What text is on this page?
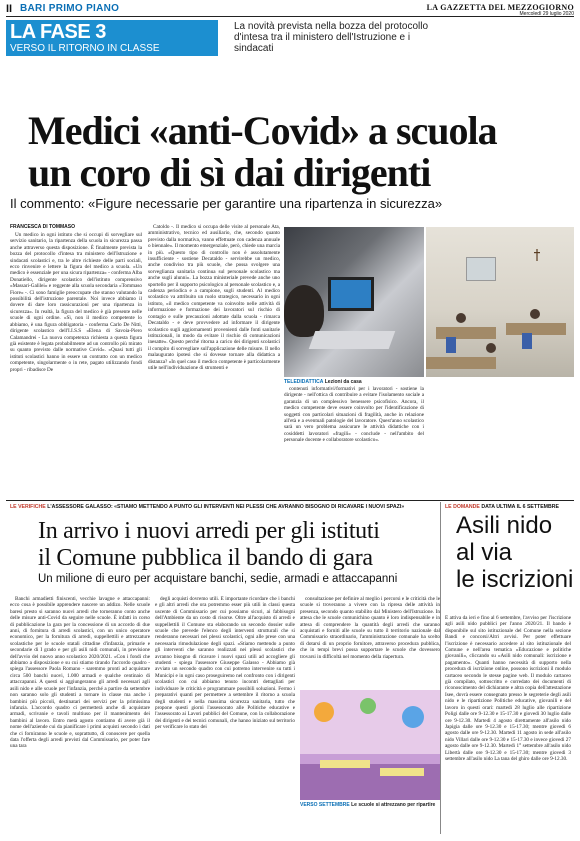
II BARI PRIMO PIANO	LA GAZZETTA DEL MEZZOGIORNO
Mercoledì 29 luglio 2020
LA FASE 3
VERSO IL RITORNO IN CLASSE
La novità prevista nella bozza del protocollo d'intesa tra il ministero dell'Istruzione e i sindacati
Medici «anti-Covid» a scuola
un coro di sì dai dirigenti
Il commento: «Figure necessarie per garantire una ripartenza in sicurezza»
FRANCESCA DI TOMMASO

Un medico in ogni istituto che si occupi di sorvegliare sul servizio sanitario, la ripartenza della scuola in sicurezza passa anche attraverso questa disposizione. È finalmente prevista la bozza del protocollo d'intesa tra ministero dell'Istruzione e sindacati scolastici e, tra le altre richieste delle parti sociali, ecco rinvenire e lettere la figura del medico a scuola. «Un medico è essenziale per una sicura ripartenza» - conferma Alba Donatiello, dirigente scolastico dell'istituto comprensivo «Massari-Galilei» e reggente alla scuola secondaria «Tommaso Fiore» -. Ci sono famiglie preoccupate che stanno valutando la possibilità dell'istruzione parentale. Noi invece abbiamo il dovere di dare loro rassicurazioni per una ripartenza in sicurezza». In realtà, la figura del medico è già presente nelle scuole di ogni ordine. «Sì, non il medico competente lo abbiamo, è una figura obbligatoria - conferma Carlo De Nitti, dirigente scolastico dell'I.I.S.S «Elena di Savoia-Piero Calamandrei - La nuova competenza richiesta a questa figura già esistente è legata probabilmente ad un controllo più mirato su quanto previsto dalle normative Covid». «Quasi tutti gli istituti scolastici hanno in essere un contratto con un medico competente, singolarmente o in rete, pagato utilizzando fondi propri - ribadisce De

Catoldo -. Il medico si occupa delle visite al personale Ata, amministrativo, tecnico ed ausiliario, che, secondo quanto previsto dalla normativa, vanno effettuate con cadenza annuale o biennale». Il momento emergenziale, però, chiede una marcia in più. «Questo tipo di controllo non è assolutamente insufficiente - sostiene Decataldo - servirebbe un medico, anche condiviso tra più scuole, che possa svolgere una sorveglianza sanitaria continua sul personale scolastico ma anche sugli alunni». La bozza ministeriale prevede anche uno sportello per il supporto psicologico al personale scolastico e, a cadenza periodica e a campione, sugli studenti. Al medico scolastico va attribuito un ruolo strategico, necessario in ogni istituto, «il medico competente va coinvolto nelle attività di informazione e formazione dei lavoratori sul rischio di contagio e sulle precauzioni adottate dalla scuola - rimarca Decataldo - e deve provvedere ad informare il dirigente scolastico sugli aggiornamenti provenienti dalle fonti sanitarie istituzionali, in modo da evitare il rischio di comunicazioni inesatte». Questo perché ritorna a carico dei dirigenti scolastici il compito di sorvegliare sull'applicazione delle misure. Il nello malaugurato ipotesi che si dovesse tornare alla didattica a distanza? «In quel caso il medico competente è particolarmente utile nell'individuazione di strumenti e

TELEDIDATTICA Lezioni da casa

contenuti informativi/formativi per i lavoratori - sostiene la dirigente - nell'ottica di contribuire a evitare l'isolamento sociale a garanzia di un complessivo benessere psicofisico. Ancora, il medico competente deve essere coinvolto per l'identificazione di soggetti con particolari situazioni di fragilità, anche in relazione all'età e a eventuali patologie del lavoratore. Quest'anno scolastico sarà un vero problema assicurare le attività didattiche con i cosiddetti lavoratori «fragili» - conclude - nell'ambito del personale docente e collaboratore scolastico».

LE VERIFICHE L'ASSESSORE GALASSO: «STIAMO METTENDO A PUNTO GLI INTERVENTI NEI PLESSI CHE AVRANNO BISOGNO DI RICAVARE I NUOVI SPAZI»
In arrivo i nuovi arredi per gli istituti
il Comune pubblica il bando di gara
Un milione di euro per acquistare banchi, sedie, armadi e attaccapanni

Banchi armadietti finiscenti, vecchie lavagne e attaccapanni: ecco cosa è possibile apprendere nascere un addizo. Nelle scuole baresi presto si saranno nuovi arredi che torneranno conto anche delle misure anti-Covid da seguire nelle scuole. È infatti in corso di pubblicazione la gara per la concessione di un accordo di due anni, di fornitura di arredi scolastici, con un unico operatore economico, per la fornitura di arredi, suppellettili e attrezzature scolastiche per le scuole statali cittadine d'infanzia, primarie e secondarie di I grado e per gli asili nidi comunali, in previsione dell'avvio del nuovo anno scolastico 2020/2021. «Con i fondi che abbiamo a disposizione e su cui stiamo tirando l'accordo quadro - spiega l'assessore Paola Romano - saremmo pronti ad acquistare circa 500 banchi nuovi, 1.000 armadi e qualche centinaio di attaccapanni. A questi si aggiungeranno gli arredi necessari agli asili nido e alle scuole per l'infanzia, perché a partire da settembre non saranno solo gli studenti a tornare in classe ma anche i bambini più piccoli, destinatari dei servizi per la primissima infanzia. L'accordo quadro ci permetterà anche di acquistare armadi, scrivanie e tavoli multiuso per il mantenimento dei bambini al lavoro. Entro metà agosto contiamo di avere già il nome dell'aziende cui da pianificare i primi acquisti secondo i dati che ci forniranno le scuole e, soprattutto, di conoscere per quella data l'offerta degli arredi previsti dal Commissario, per poter fare una tara

degli acquisti dovremo utili. È importante ricordare che i banchi e gli altri arredi che ora potremmo esser più utili in classi questa uscente di Commissario per cui possiamo sicuri, ai fabbisogni dell'Ambiente da un costo di risorse. Oltre all'acquisto di arredi e suppellettili il Comune sta elaborando un secondo dossier sulle scuole che prevede l'elenco degli interventi strutturali che si renderanno necessari nei plessi scolastici, ogni alle prese con una necessaria rimodulazione degli spazi. «Stiamo mettendo a punto gli interventi che saranno realizzati nei plessi scolastici che avranno bisogno di ricavare i nuovi spazi utili ad accogliere gli studenti - spiega l'assessore Giuseppe Galasso - Abbiamo già avviato un secondo quadro con cui potremo intervenire su tutti i Municipi e in ogni caso proseguiremo nel confronto con i dirigenti scolastici con cui abbiamo tenuto incontri dettagliati per individuare le criticità e programmare possibili soluzioni. Fermo i preparativi quanti per permettere a settembre il ritorno a scuola degli studenti e nella massima sicurezza sanitaria, tutto che propone questi giorni l'assessorato alle Politiche educative e l'assessorato ai Lavori pubblici del Comune, con la collaborazione dei dirigenti e dei tecnici comunali, che hanno iniziato sul territorio per verificare lo stato dei

consultazione per definire al meglio i percorsi e le criticità che le scuole si troveranno a vivere con la ripresa delle attività in presenza, secondo quanto stabilito dal Ministero dell'Istruzione. In attesa che le scuole comunichino quanto è loro indispensabile e in attesa di comprendere la quantità degli arredi che saranno acquistati e forniti alle scuole su tutto il territorio nazionale dal Commissario straordinario, l'amministrazione comunale ha scelto di dotarsi di un proprio fornitore, attraverso procedura pubblica, che in tempi brevi possa supportare le scuole che dovessero trovarsi in difficoltà nel momento della riapertura.

VERSO SETTEMBRE Le scuole si attrezzano per ripartire
LE DOMANDE DATA ULTIMA IL 6 SETTEMBRE
Asili nido
al via
le iscrizioni

È attiva da ieri e fino al 6 settembre, l'avviso per l'iscrizione agli asili nido pubblici per l'anno 2020/21. Il bando è disponibile sul sito istituzionale del Comune nella sezione Bandi e concorsi/Altri avvisi. Per poter effettuare l'iscrizione è necessario accedere al sito istituzionale del Comune e nell'area tematica «Educazione e politiche giovanili», cliccando su «Asili nido comunali: iscrizione e pagamento». Quanti hanno necessità di supporto nella procedura di iscrizione online, possono iscrizioni il modulo cartaceo secondo le stesse pagine web. Il modulo cartaceo già compilato, sottoscritto e corredato dei documenti di riconoscimento del dichiarante e altra copia dell'attestazione Isee, dovrà essere consegnato presso le segreterie degli asili nido e le ripartizione Politiche educative, giovanili e del lavoro in questi orari: martedì 28 luglio alle ripartizione Poligi dalle ore 9-12.30 e 15-17.30 e giovedì 30 luglio dalle ore 9-12.30. Martedì 4 agosto direttamente all'asilo nido Japigia dalle ore 9-12.30 e 15-17.30; mentre giovedì 6 agosto dalle ore 9-12.30. Martedì 11 agosto in sede all'asilo nido Villari dalle ore 9-12.30 e 15-17.30 e invece giovedì 27 agosto dalle ore 9-12.30. Martedì 1° settembre all'asilo nido Libertà dalle ore 9-12.30 e 15-17.30; mentre giovedì 3 settembre all'asilo nido La tana del ghiro dalle ore 9-12.30.
